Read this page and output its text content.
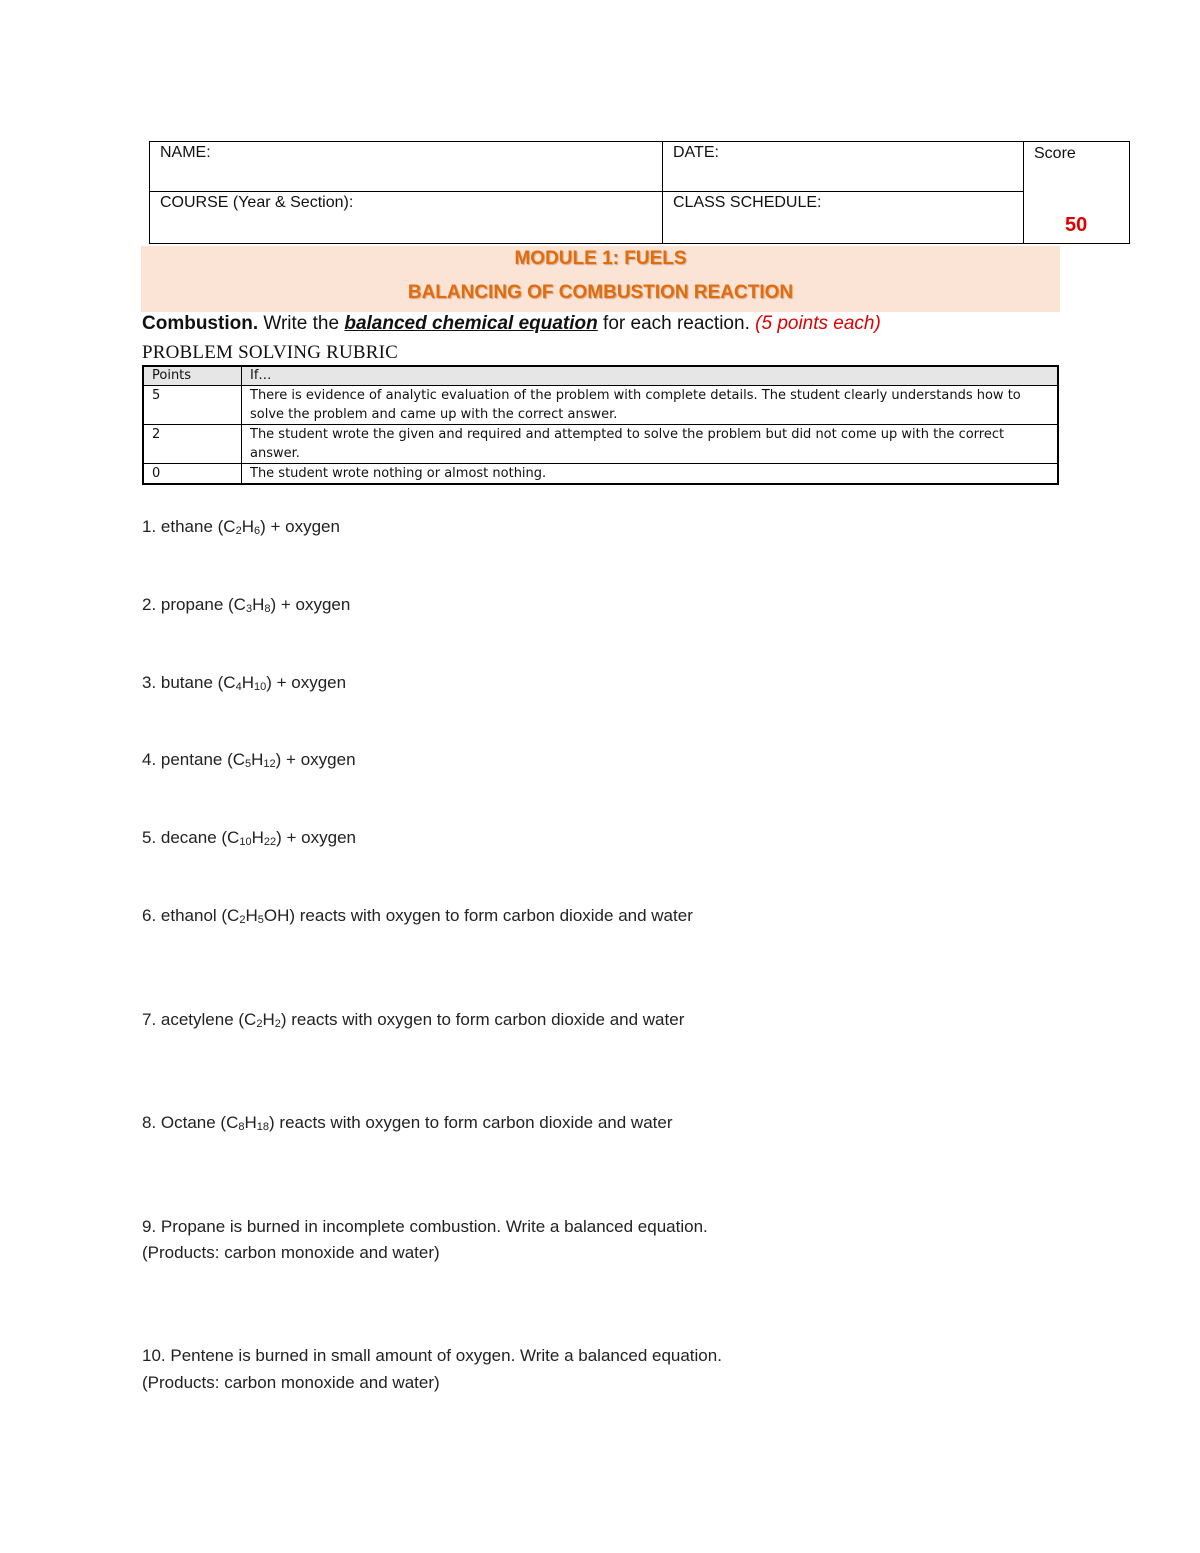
NAME:	DATE:	Score
50

COURSE (Year & Section):	CLASS SCHEDULE:	
MODULE 1: FUELS
BALANCING OF COMBUSTION REACTION
Combustion. Write the balanced chemical equation for each reaction. (5 points each)
PROBLEM SOLVING RUBRIC
Points	If…
5	There is evidence of analytic evaluation of the problem with complete details. The student clearly understands how to solve the problem and came up with the correct answer.
2	The student wrote the given and required and attempted to solve the problem but did not come up with the correct answer.
0	The student wrote nothing or almost nothing.
1. ethane $(C_2H_6)$ + oxygen
2. propane $(C_3H_8)$ + oxygen
3. butane $(C_4H_{10})$ + oxygen
4. pentane $(C_5H_{12})$ + oxygen
5. decane $(C_{10}H_{22})$ + oxygen
6. ethanol $(C_2H_5OH)$ reacts with oxygen to form carbon dioxide and water
7. acetylene $(C_2H_2)$ reacts with oxygen to form carbon dioxide and water
8. Octane $(C_8H_{18})$ reacts with oxygen to form carbon dioxide and water
9. Propane is burned in incomplete combustion. Write a balanced equation.
(Products: carbon monoxide and water)
10. Pentene is burned in small amount of oxygen. Write a balanced equation.
(Products: carbon monoxide and water)
